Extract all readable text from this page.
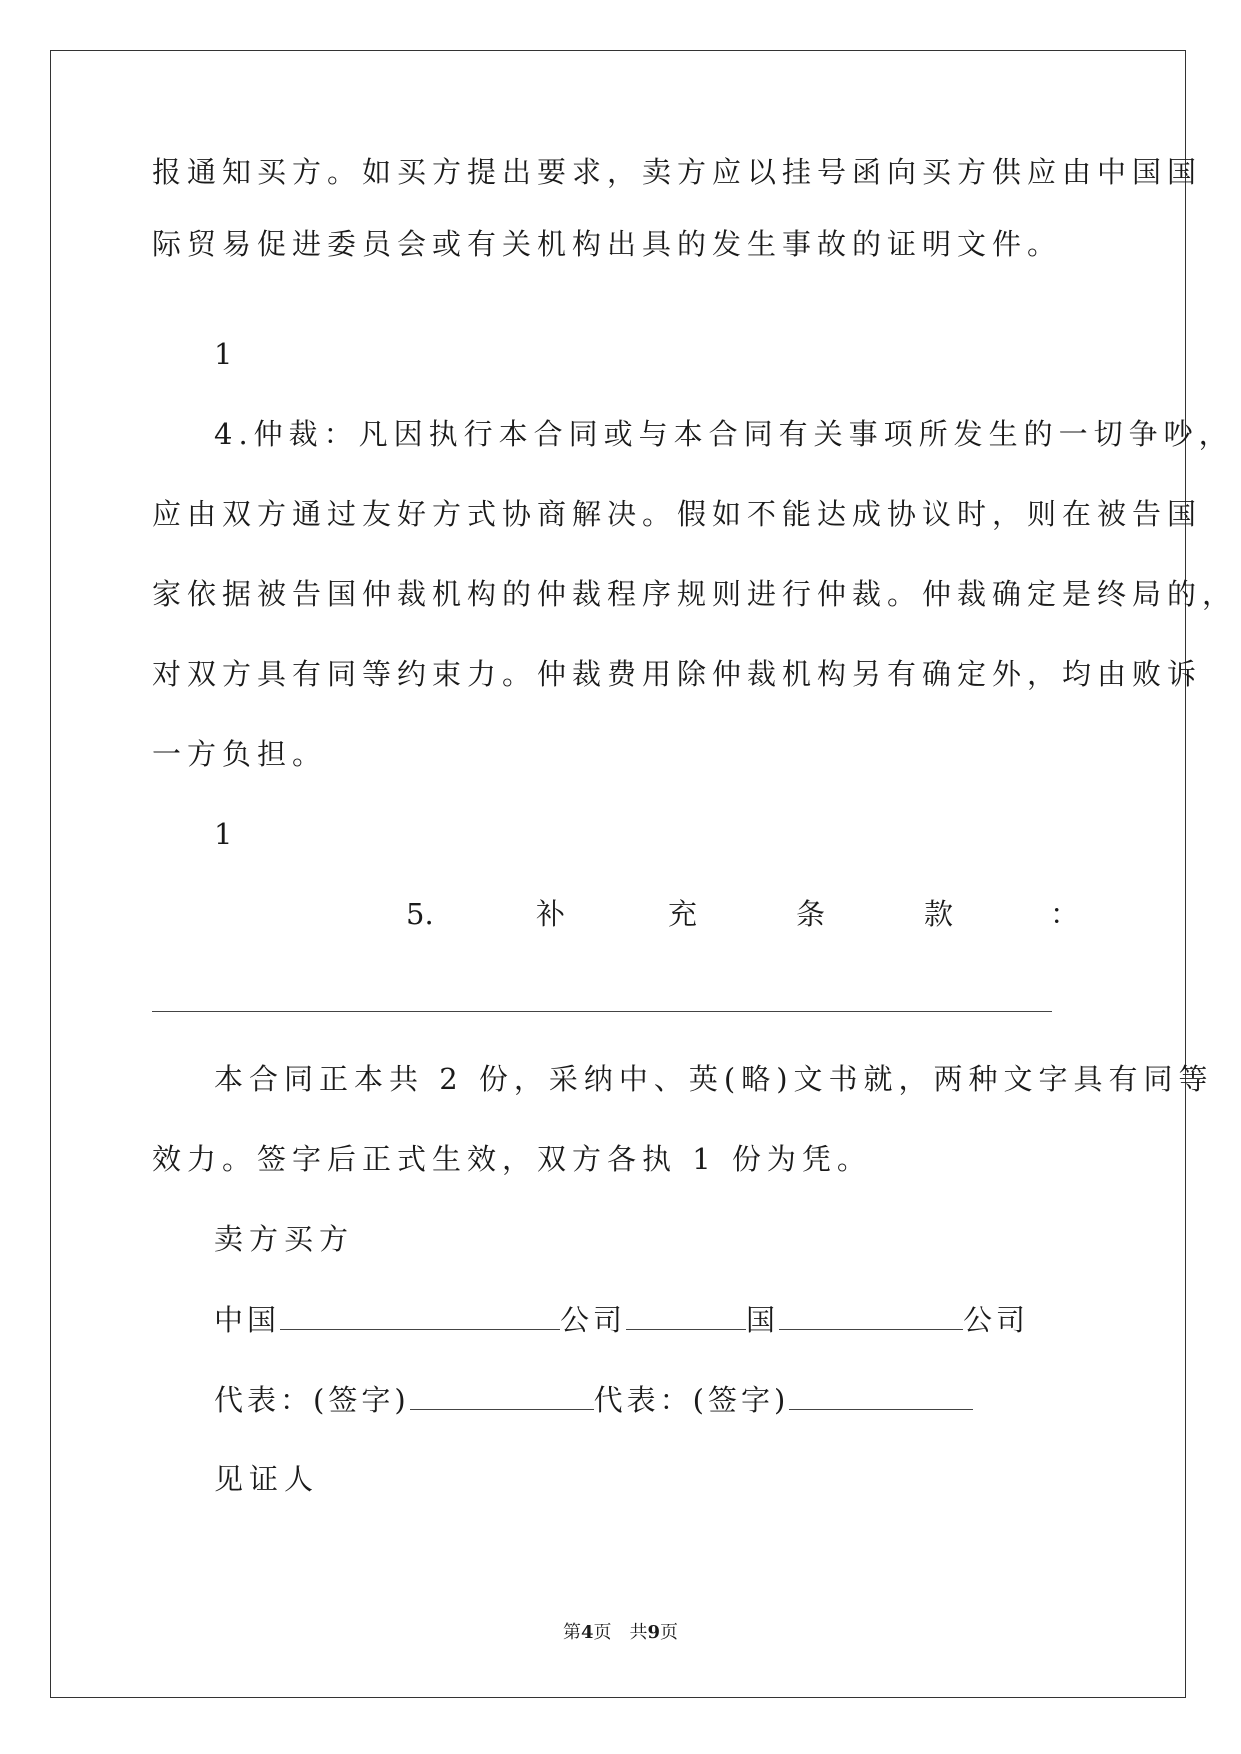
报通知买方。如买方提出要求，卖方应以挂号函向买方供应由中国国
际贸易促进委员会或有关机构出具的发生事故的证明文件。
1
4.仲裁：凡因执行本合同或与本合同有关事项所发生的一切争吵，
应由双方通过友好方式协商解决。假如不能达成协议时，则在被告国
家依据被告国仲裁机构的仲裁程序规则进行仲裁。仲裁确定是终局的，
对双方具有同等约束力。仲裁费用除仲裁机构另有确定外，均由败诉
一方负担。
1
5.	补	充	条	款	：
本合同正本共 2 份，采纳中、英(略)文书就，两种文字具有同等
效力。签字后正式生效，双方各执 1 份为凭。
卖方买方
中国	公司	国	公司
代表：(签字)	代表：(签字)
见证人
第4页　共9页
